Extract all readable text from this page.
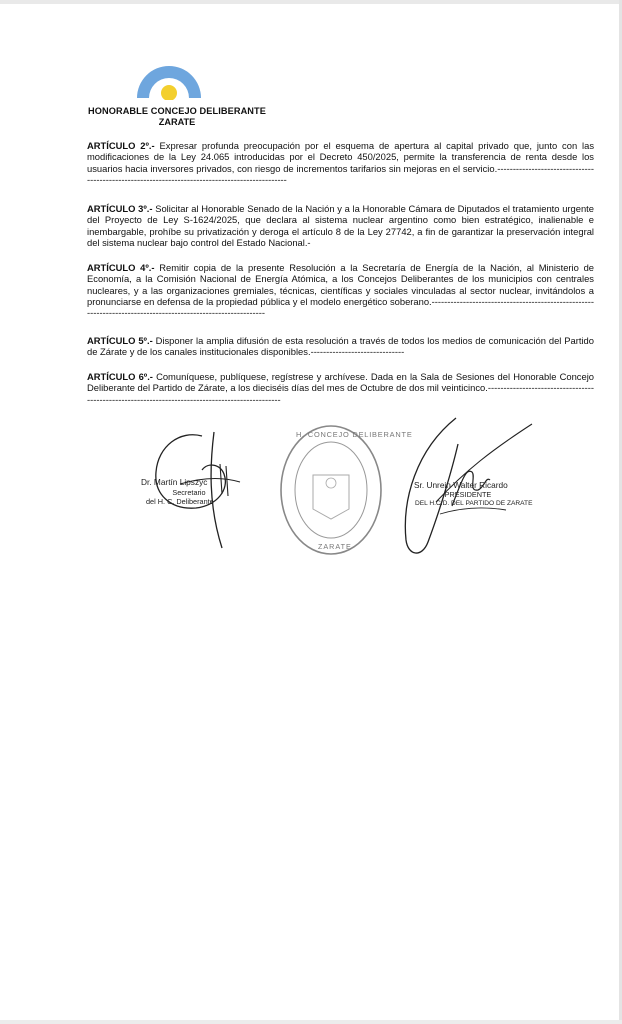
HONORABLE CONCEJO DELIBERANTE
ZARATE
ARTÍCULO 2º.- Expresar profunda preocupación por el esquema de apertura al capital privado que, junto con las modificaciones de la Ley 24.065 introducidas por el Decreto 450/2025, permite la transferencia de renta desde los usuarios hacia inversores privados, con riesgo de incrementos tarifarios sin mejoras en el servicio.-----------------------------------------------------------------------------------------------
ARTÍCULO 3º.- Solicitar al Honorable Senado de la Nación y a la Honorable Cámara de Diputados el tratamiento urgente del Proyecto de Ley S-1624/2025, que declara al sistema nuclear argentino como bien estratégico, inalienable e inembargable, prohíbe su privatización y deroga el artículo 8 de la Ley 27742, a fin de garantizar la preservación integral del sistema nuclear bajo control del Estado Nacional.-
ARTÍCULO 4º.- Remitir copia de la presente Resolución a la Secretaría de Energía de la Nación, al Ministerio de Economía, a la Comisión Nacional de Energía Atómica, a los Concejos Deliberantes de los municipios con centrales nucleares, y a las organizaciones gremiales, técnicas, científicas y sociales vinculadas al sector nuclear, invitándolos a pronunciarse en defensa de la propiedad pública y el modelo energético soberano.-------------------------------------------------------------------------------------------------------------
ARTÍCULO 5º.- Disponer la amplia difusión de esta resolución a través de todos los medios de comunicación del Partido de Zárate y de los canales institucionales disponibles.------------------------------
ARTÍCULO 6º.- Comuníquese, publíquese, regístrese y archívese. Dada en la Sala de Sesiones del Honorable Concejo Deliberante del Partido de Zárate, a los dieciséis días del mes de Octubre de dos mil veinticinco.------------------------------------------------------------------------------------------------
Dr. Martín Lipszyc
Secretario
del H. C. Deliberante
H. CONCEJO DELIBERANTE
ZARATE
Sr. Unrein Walter Ricardo
PRESIDENTE
DEL H.C.D. DEL PARTIDO DE ZARATE
